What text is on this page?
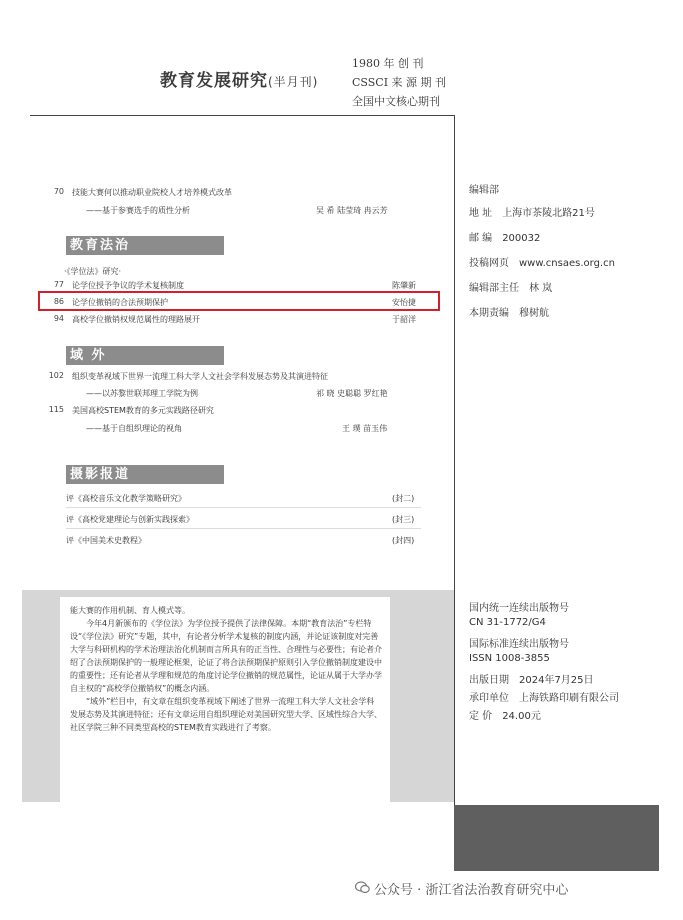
教育发展研究(半月刊)
1980 年 创 刊
CSSCI 来 源 期 刊
全国中文核心期刊
70 技能大赛何以推动职业院校人才培养模式改革
——基于参赛选手的质性分析	吴 希 陆莹琦 冉云芳
教育法治
·《学位法》研究·
77 论学位授予争议的学术复核制度	陈肇新
86 论学位撤销的合法预期保护	安怡捷
94 高校学位撤销权规范属性的理路展开	于韶洋
域 外
102 组织变革视域下世界一流理工科大学人文社会学科发展态势及其演进特征
——以苏黎世联邦理工学院为例	祁 晓 史聪聪 罗红艳
115 美国高校STEM教育的多元实践路径研究
——基于自组织理论的视角	王 璞 苗玉伟
摄影报道
评《高校音乐文化教学策略研究》	(封二)
评《高校党建理论与创新实践探索》	(封三)
评《中国美术史教程》	(封四)
编辑部
地 址 上海市茶陵北路21号
邮 编 200032
投稿网页 www.cnsaes.org.cn
编辑部主任 林 岚
本期责编 穆树航
国内统一连续出版物号
CN 31-1772/G4
国际标准连续出版物号
ISSN 1008-3855
出版日期 2024年7月25日
承印单位 上海铁路印刷有限公司
定 价 24.00元

能大赛的作用机制、育人模式等。

今年4月新颁布的《学位法》为学位授予提供了法律保障。本期“教育法治”专栏特设“《学位法》研究”专题，其中，有论者分析学术复核的制度内涵，并论证该制度对完善大学与科研机构的学术治理法治化机制而言所具有的正当性、合理性与必要性；有论者介绍了合法预期保护的一般理论框架，论证了将合法预期保护原则引入学位撤销制度建设中的重要性；还有论者从学理和规范的角度讨论学位撤销的规范属性，论证从属于大学办学自主权的“高校学位撤销权”的概念内涵。

“域外”栏目中，有文章在组织变革视域下阐述了世界一流理工科大学人文社会学科发展态势及其演进特征；还有文章运用自组织理论对美国研究型大学、区域性综合大学、社区学院三种不同类型高校的STEM教育实践进行了考察。

公众号 · 浙江省法治教育研究中心
